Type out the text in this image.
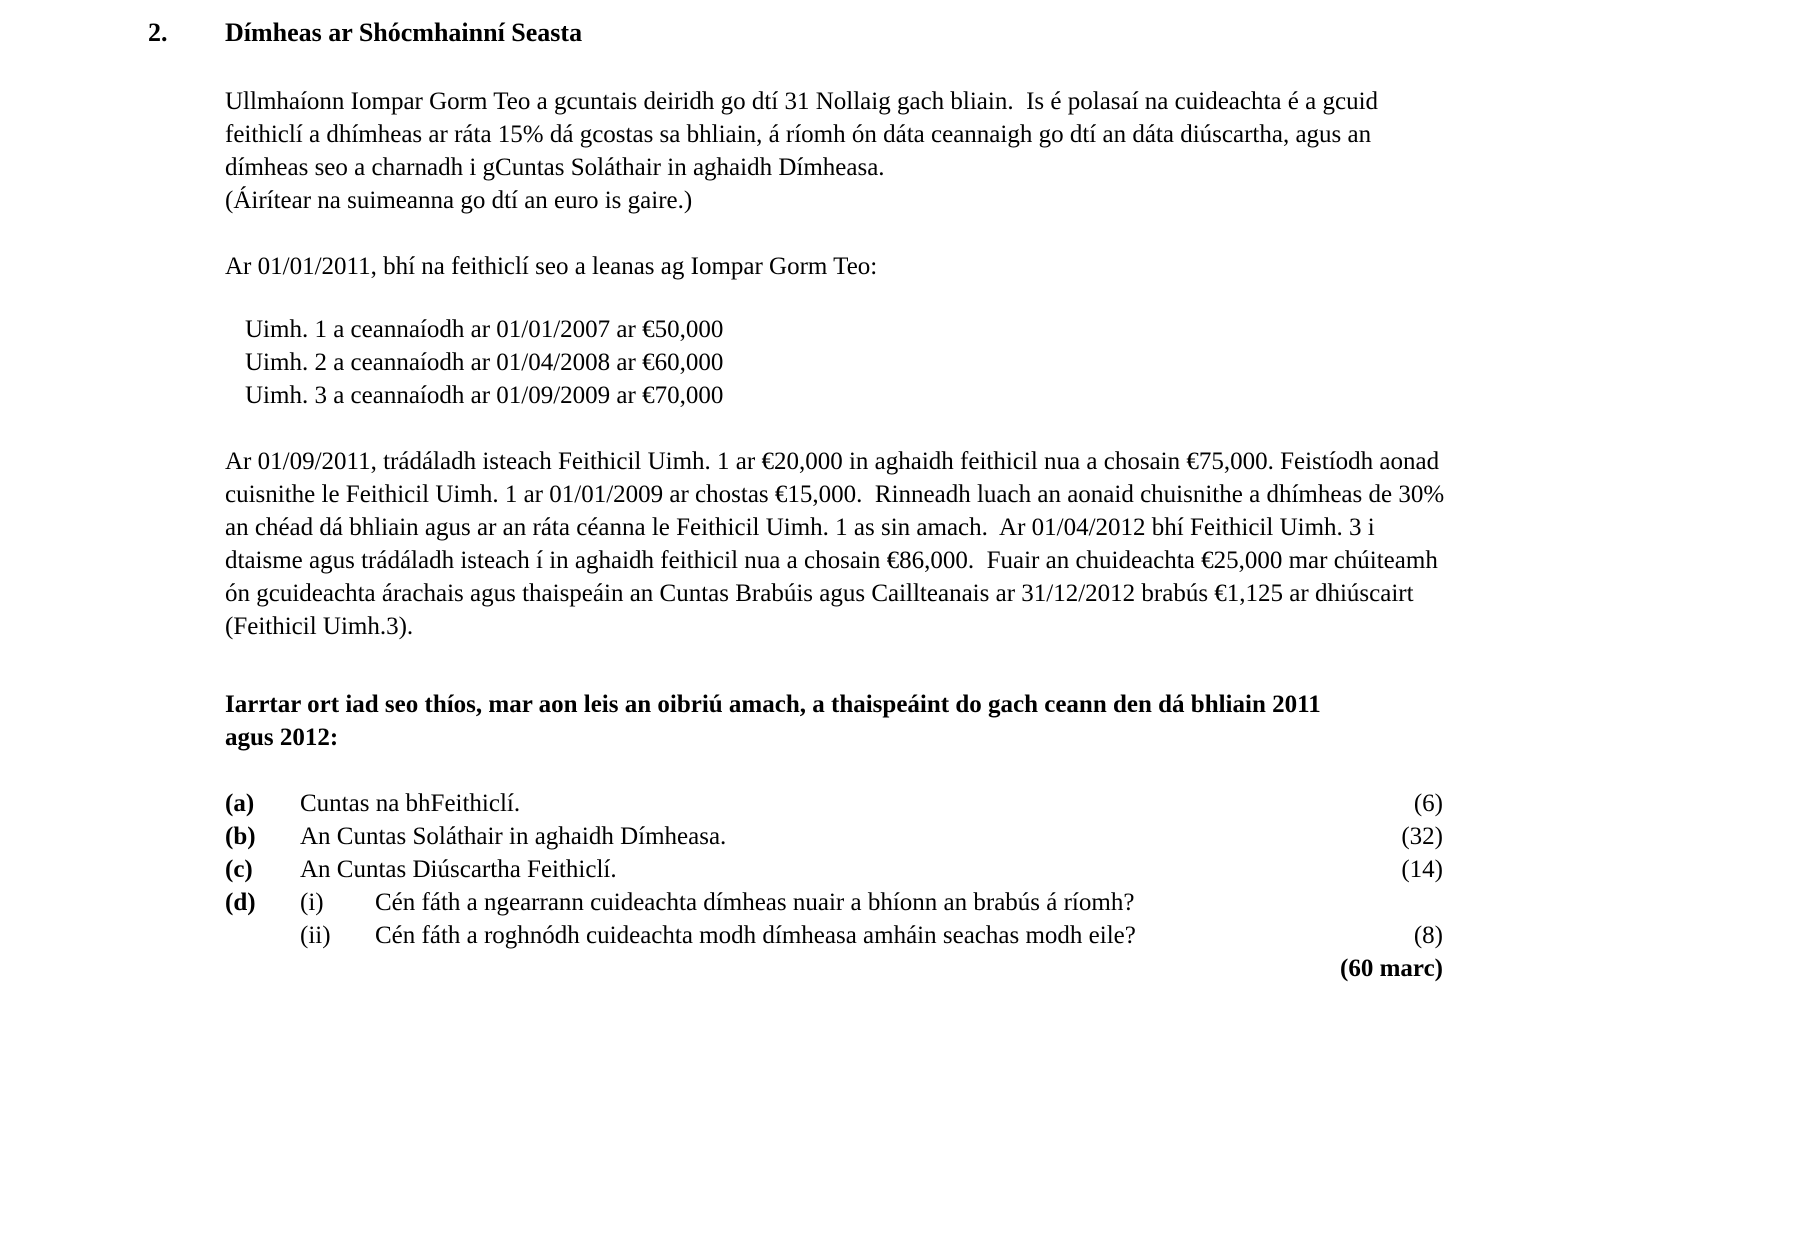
2.	Dímheas ar Shócmhainní Seasta

Ullmhaíonn Iompar Gorm Teo a gcuntais deiridh go dtí 31 Nollaig gach bliain.  Is é polasaí na cuideachta é a gcuid feithiclí a dhímheas ar ráta 15% dá gcostas sa bhliain, á ríomh ón dáta ceannaigh go dtí an dáta diúscartha, agus an dímheas seo a charnadh i gCuntas Soláthair in aghaidh Dímheasa.

(Áirítear na suimeanna go dtí an euro is gaire.)

Ar 01/01/2011, bhí na feithiclí seo a leanas ag Iompar Gorm Teo:

Uimh. 1 a ceannaíodh ar 01/01/2007 ar €50,000
Uimh. 2 a ceannaíodh ar 01/04/2008 ar €60,000
Uimh. 3 a ceannaíodh ar 01/09/2009 ar €70,000

Ar 01/09/2011, trádáladh isteach Feithicil Uimh. 1 ar €20,000 in aghaidh feithicil nua a chosain €75,000. Feistíodh aonad cuisnithe le Feithicil Uimh. 1 ar 01/01/2009 ar chostas €15,000.  Rinneadh luach an aonaid chuisnithe a dhímheas de 30% an chéad dá bhliain agus ar an ráta céanna le Feithicil Uimh. 1 as sin amach.  Ar 01/04/2012 bhí Feithicil Uimh. 3 i dtaisme agus trádáladh isteach í in aghaidh feithicil nua a chosain €86,000.  Fuair an chuideachta €25,000 mar chúiteamh ón gcuideachta árachais agus thaispeáin an Cuntas Brabúis agus Caillteanais ar 31/12/2012 brabús €1,125 ar dhiúscairt (Feithicil Uimh.3).

Iarrtar ort iad seo thíos, mar aon leis an oibriú amach, a thaispeáint do gach ceann den dá bhliain 2011 agus 2012:

(a)	Cuntas na bhFeithiclí.	(6)
(b)	An Cuntas Soláthair in aghaidh Dímheasa.	(32)
(c)	An Cuntas Diúscartha Feithiclí.	(14)
(d)	(i)	Cén fáth a ngearrann cuideachta dímheas nuair a bhíonn an brabús á ríomh?
(ii)	Cén fáth a roghnódh cuideachta modh dímheasa amháin seachas modh eile?	(8)
(60 marc)
